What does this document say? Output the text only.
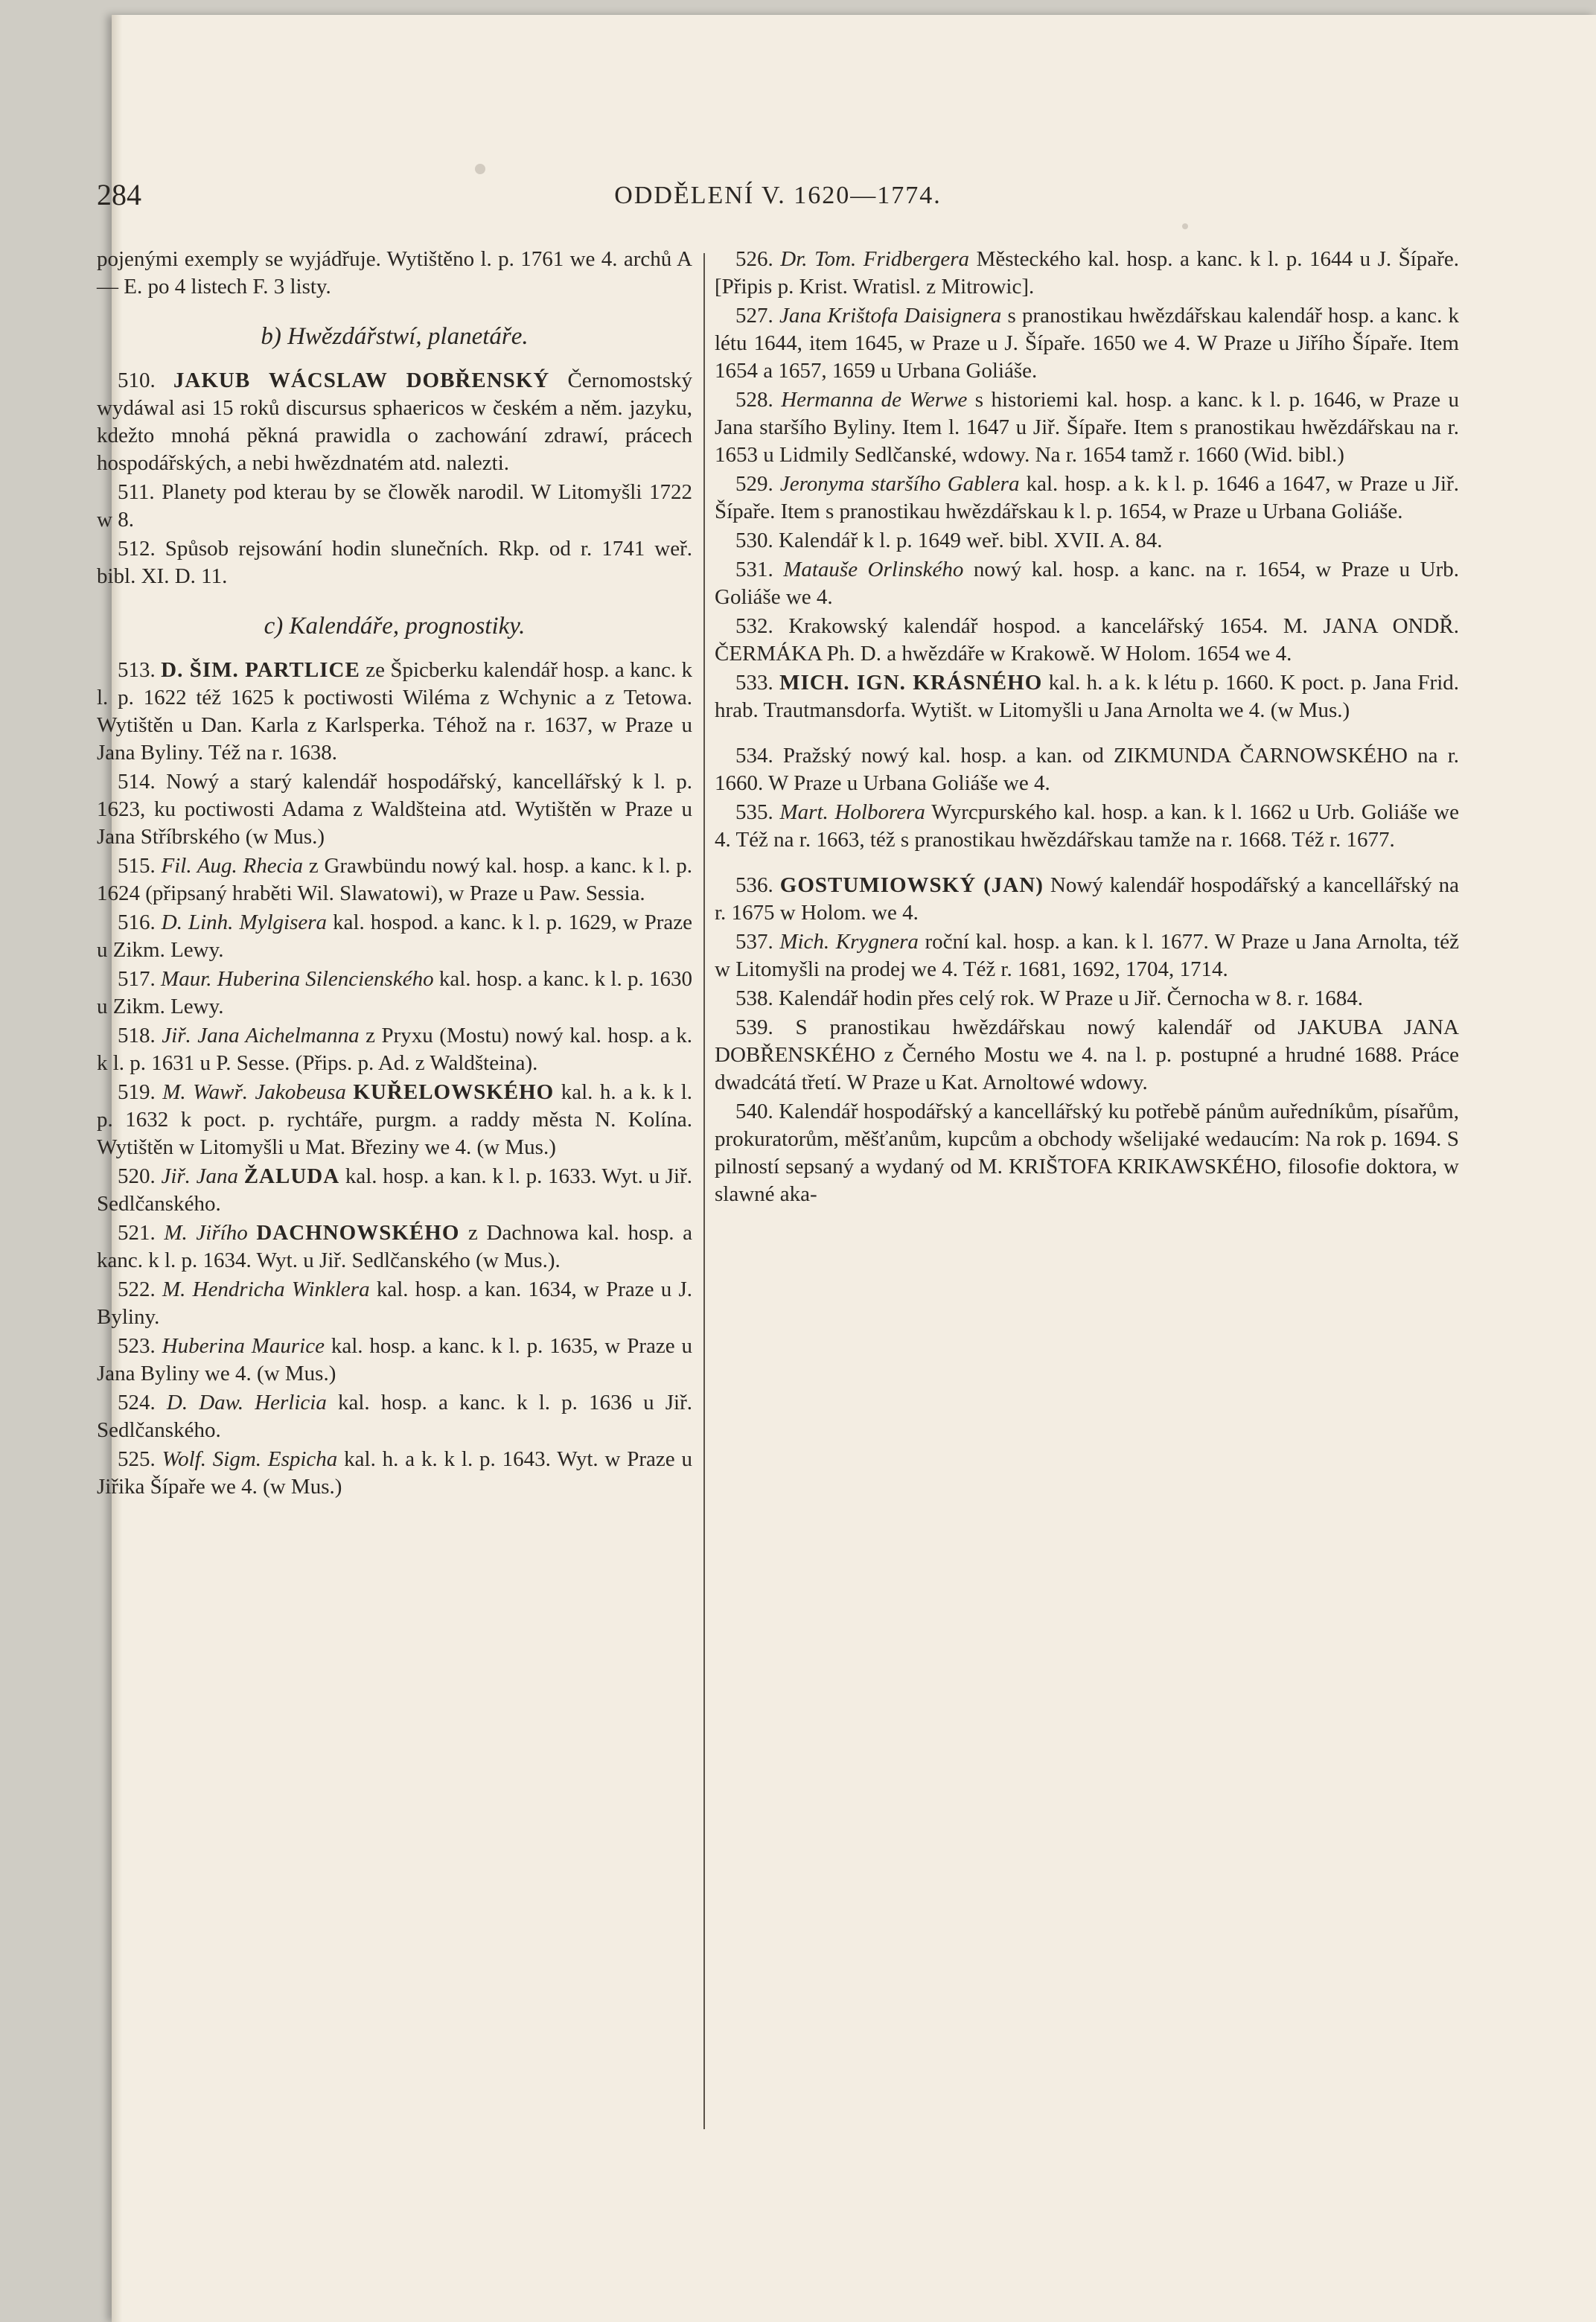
284	ODDĚLENÍ V. 1620—1774.

pojenými exemply se wyjádřuje. Wytištěno l. p. 1761 we 4. archů A — E. po 4 listech F. 3 listy.

b) Hwězdářstwí, planetáře.

510. JAKUB WÁCSLAW DOBŘENSKÝ Černomostský wydáwal asi 15 roků discursus sphaericos w českém a něm. jazyku, kdežto mnohá pěkná prawidla o zachowání zdrawí, prácech hospodářských, a nebi hwězdnatém atd. nalezti.

511. Planety pod kterau by se člowěk narodil. W Litomyšli 1722 w 8.

512. Spůsob rejsowání hodin slunečních. Rkp. od r. 1741 weř. bibl. XI. D. 11.

c) Kalendáře, prognostiky.

513. D. ŠIM. PARTLICE ze Špicberku kalendář hosp. a kanc. k l. p. 1622 též 1625 k poctiwosti Wiléma z Wchynic a z Tetowa. Wytištěn u Dan. Karla z Karlsperka. Téhož na r. 1637, w Praze u Jana Byliny. Též na r. 1638.

514. Nowý a starý kalendář hospodářský, kancellářský k l. p. 1623, ku poctiwosti Adama z Waldšteina atd. Wytištěn w Praze u Jana Stříbrského (w Mus.)

515. Fil. Aug. Rhecia z Grawbündu nowý kal. hosp. a kanc. k l. p. 1624 (připsaný hraběti Wil. Slawatowi), w Praze u Paw. Sessia.

516. D. Linh. Mylgisera kal. hospod. a kanc. k l. p. 1629, w Praze u Zikm. Lewy.

517. Maur. Huberina Silencienského kal. hosp. a kanc. k l. p. 1630 u Zikm. Lewy.

518. Jiř. Jana Aichelmanna z Pryxu (Mostu) nowý kal. hosp. a k. k l. p. 1631 u P. Sesse. (Přips. p. Ad. z Waldšteina).

519. M. Wawř. Jakobeusa KUŘELOWSKÉHO kal. h. a k. k l. p. 1632 k poct. p. rychtáře, purgm. a raddy města N. Kolína. Wytištěn w Litomyšli u Mat. Březiny we 4. (w Mus.)

520. Jiř. Jana ŽALUDA kal. hosp. a kan. k l. p. 1633. Wyt. u Jiř. Sedlčanského.

521. M. Jiřího DACHNOWSKÉHO z Dachnowa kal. hosp. a kanc. k l. p. 1634. Wyt. u Jiř. Sedlčanského (w Mus.).

522. M. Hendricha Winklera kal. hosp. a kan. 1634, w Praze u J. Byliny.

523. Huberina Maurice kal. hosp. a kanc. k l. p. 1635, w Praze u Jana Byliny we 4. (w Mus.)

524. D. Daw. Herlicia kal. hosp. a kanc. k l. p. 1636 u Jiř. Sedlčanského.

525. Wolf. Sigm. Espicha kal. h. a k. k l. p. 1643. Wyt. w Praze u Jiřika Šípaře we 4. (w Mus.)

526. Dr. Tom. Fridbergera Městeckého kal. hosp. a kanc. k l. p. 1644 u J. Šípaře. [Připis p. Krist. Wratisl. z Mitrowic].

527. Jana Krištofa Daisignera s pranostikau hwězdářskau kalendář hosp. a kanc. k létu 1644, item 1645, w Praze u J. Šípaře. 1650 we 4. W Praze u Jiřího Šípaře. Item 1654 a 1657, 1659 u Urbana Goliáše.

528. Hermanna de Werwe s historiemi kal. hosp. a kanc. k l. p. 1646, w Praze u Jana staršího Byliny. Item l. 1647 u Jiř. Šípaře. Item s pranostikau hwězdářskau na r. 1653 u Lidmily Sedlčanské, wdowy. Na r. 1654 tamž r. 1660 (Wid. bibl.)

529. Jeronyma staršího Gablera kal. hosp. a k. k l. p. 1646 a 1647, w Praze u Jiř. Šípaře. Item s pranostikau hwězdářskau k l. p. 1654, w Praze u Urbana Goliáše.

530. Kalendář k l. p. 1649 weř. bibl. XVII. A. 84.

531. Matauše Orlinského nowý kal. hosp. a kanc. na r. 1654, w Praze u Urb. Goliáše we 4.

532. Krakowský kalendář hospod. a kancelářský 1654. M. JANA ONDŘ. ČERMÁKA Ph. D. a hwězdáře w Krakowě. W Holom. 1654 we 4.

533. MICH. IGN. KRÁSNÉHO kal. h. a k. k létu p. 1660. K poct. p. Jana Frid. hrab. Trautmansdorfa. Wytišt. w Litomyšli u Jana Arnolta we 4. (w Mus.)

534. Pražský nowý kal. hosp. a kan. od ZIKMUNDA ČARNOWSKÉHO na r. 1660. W Praze u Urbana Goliáše we 4.

535. Mart. Holborera Wyrcpurského kal. hosp. a kan. k l. 1662 u Urb. Goliáše we 4. Též na r. 1663, též s pranostikau hwězdářskau tamže na r. 1668. Též r. 1677.

536. GOSTUMIOWSKÝ (JAN) Nowý kalendář hospodářský a kancellářský na r. 1675 w Holom. we 4.

537. Mich. Krygnera roční kal. hosp. a kan. k l. 1677. W Praze u Jana Arnolta, též w Litomyšli na prodej we 4. Též r. 1681, 1692, 1704, 1714.

538. Kalendář hodin přes celý rok. W Praze u Jiř. Černocha w 8. r. 1684.

539. S pranostikau hwězdářskau nowý kalendář od JAKUBA JANA DOBŘENSKÉHO z Černého Mostu we 4. na l. p. postupné a hrudné 1688. Práce dwadcátá třetí. W Praze u Kat. Arnoltowé wdowy.

540. Kalendář hospodářský a kancellářský ku potřebě pánům auředníkům, písařům, prokuratorům, měšťanům, kupcům a obchody wšelijaké wedaucím: Na rok p. 1694. S pilností sepsaný a wydaný od M. KRIŠTOFA KRIKAWSKÉHO, filosofie doktora, w slawné aka-
